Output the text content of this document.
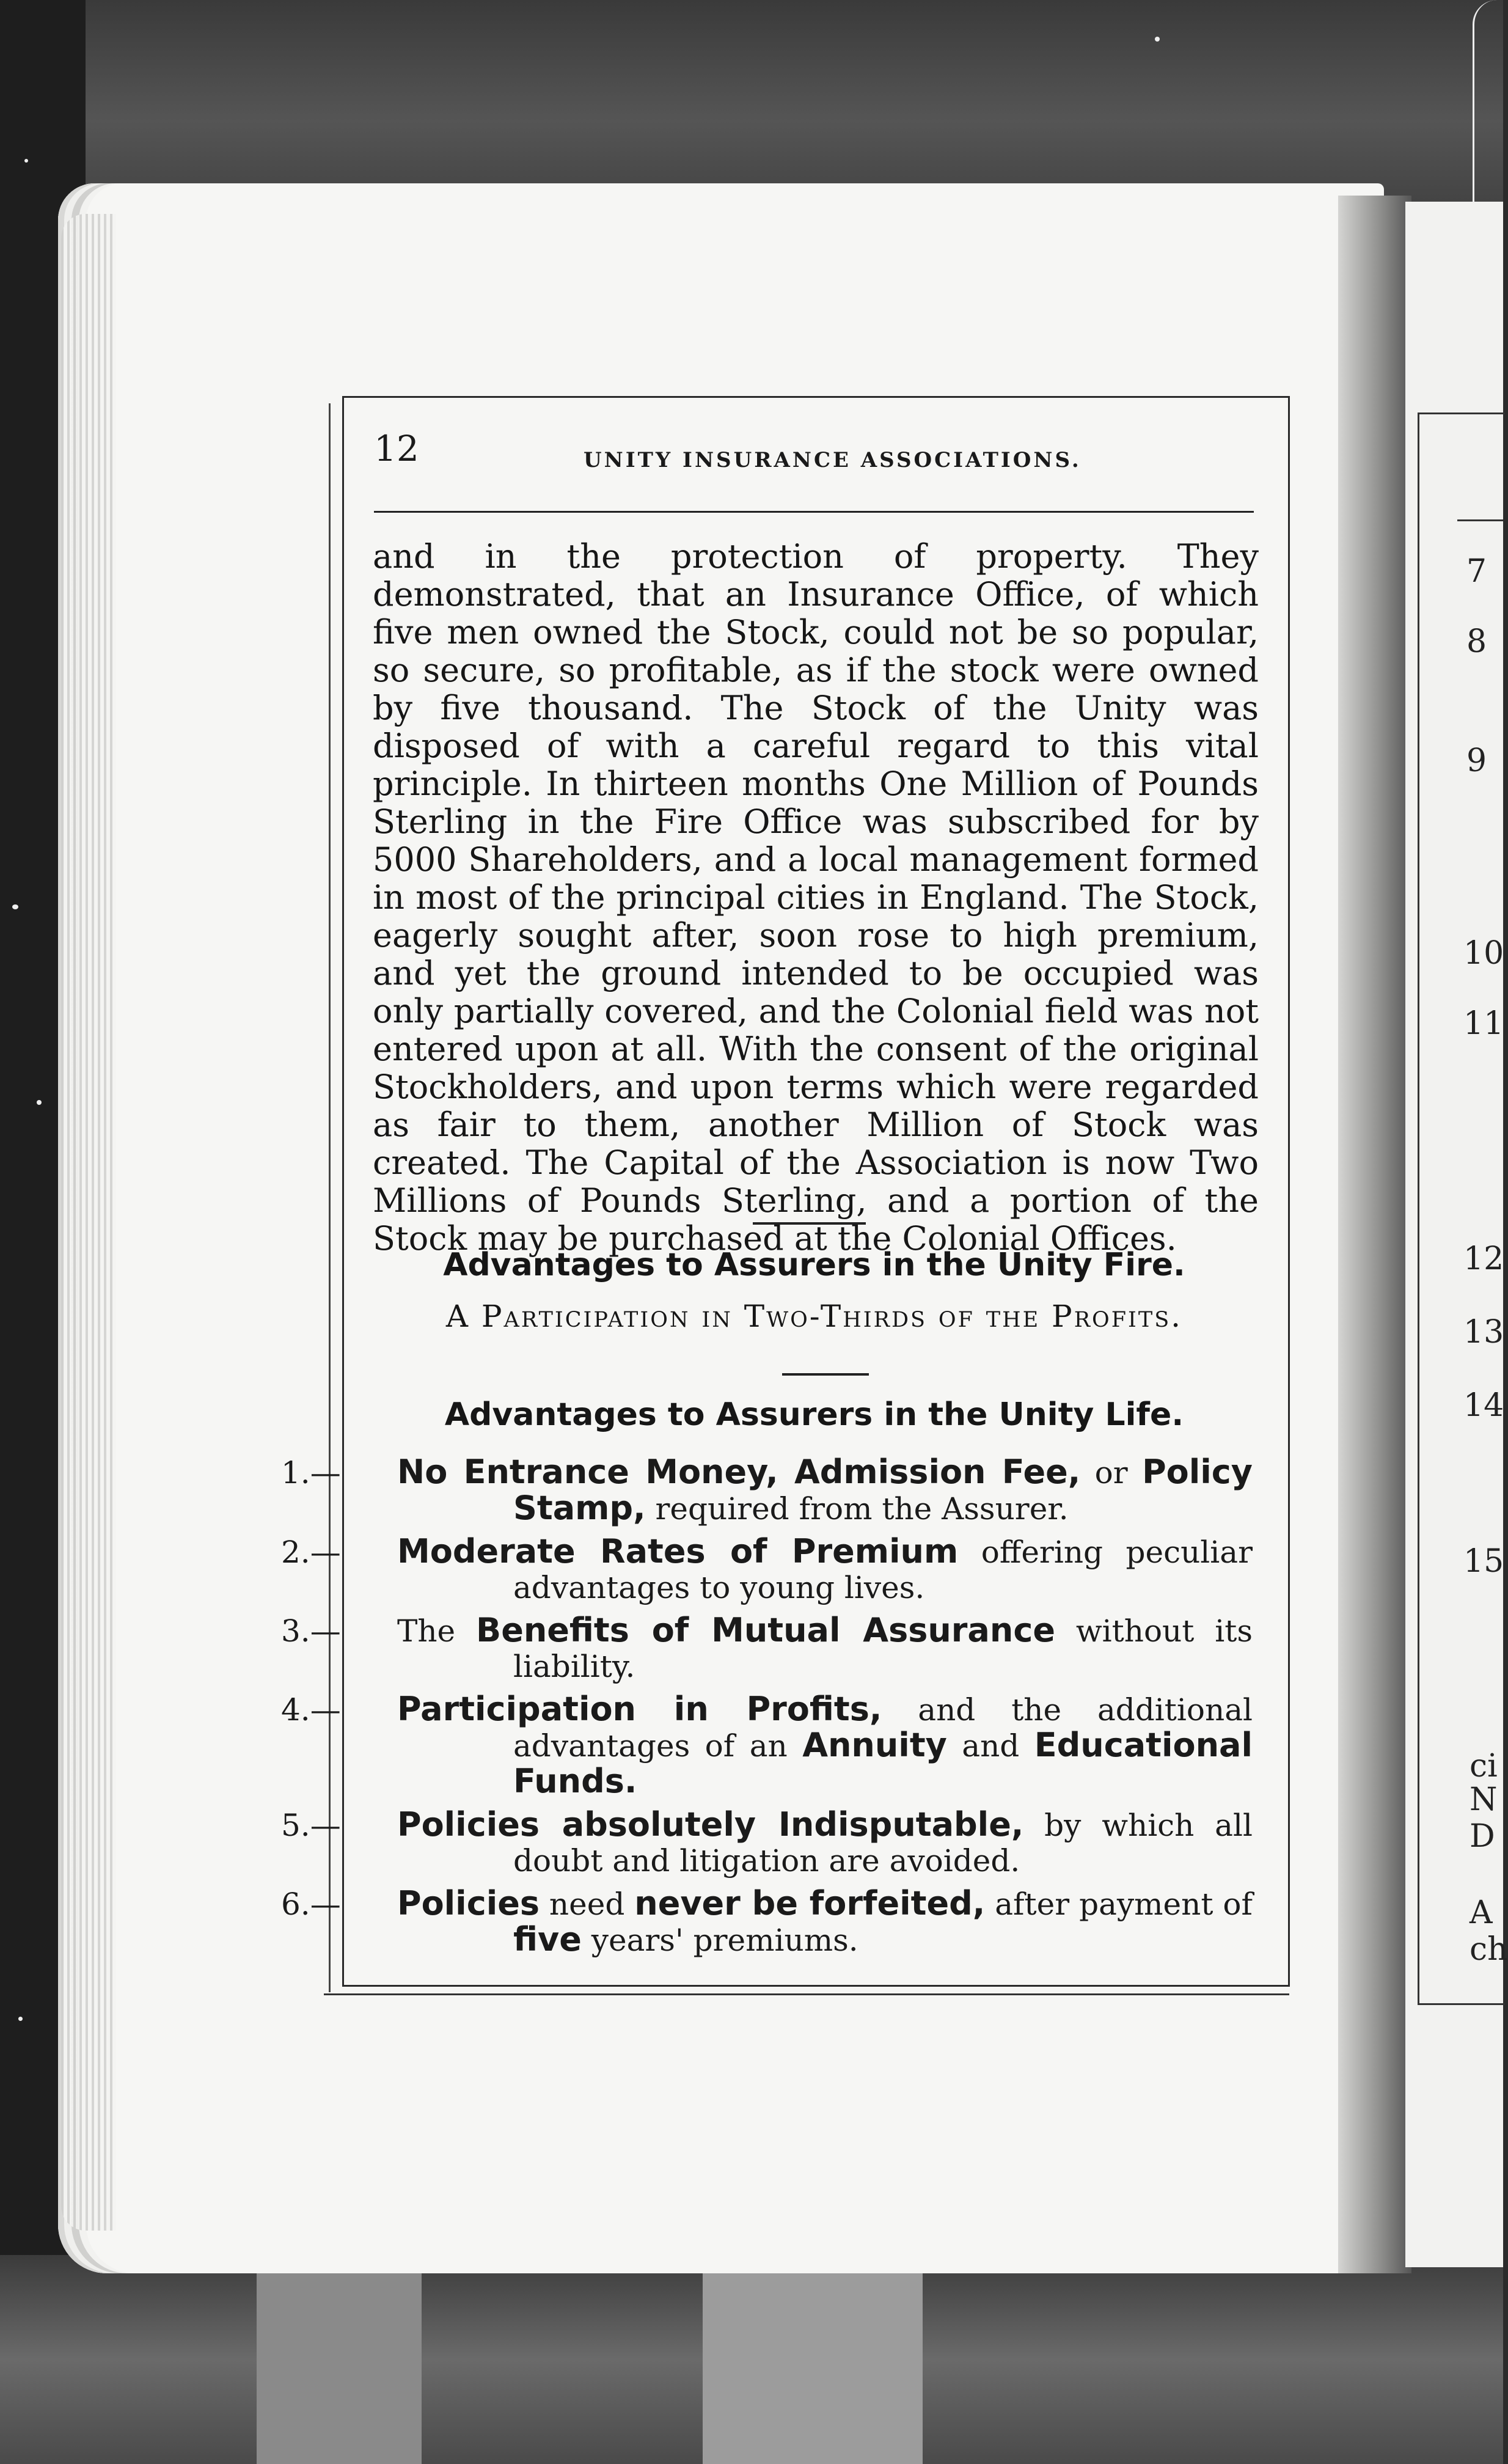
7
8
9
10
11
12
13
14
15
ci
N
D
A
ch
12	UNITY INSURANCE ASSOCIATIONS.
and in the protection of property. They demonstrated, that an Insurance Office, of which five men owned the Stock, could not be so popular, so secure, so profitable, as if the stock were owned by five thousand. The Stock of the Unity was disposed of with a careful regard to this vital principle. In thirteen months One Million of Pounds Sterling in the Fire Office was subscribed for by 5000 Shareholders, and a local management formed in most of the principal cities in England. The Stock, eagerly sought after, soon rose to high premium, and yet the ground intended to be occupied was only partially covered, and the Colonial field was not entered upon at all. With the consent of the original Stockholders, and upon terms which were regarded as fair to them, another Million of Stock was created. The Capital of the Association is now Two Millions of Pounds Sterling, and a portion of the Stock may be purchased at the Colonial Offices.
Advantages to Assurers in the Unity Fire.
A Participation in Two-Thirds of the Profits.
Advantages to Assurers in the Unity Life.
No Entrance Money, Admission Fee, or Policy Stamp, required from the Assurer.
Moderate Rates of Premium offering peculiar advantages to young lives.
The Benefits of Mutual Assurance without its liability.
Participation in Profits, and the additional advantages of an Annuity and Educational Funds.
Policies absolutely Indisputable, by which all doubt and litigation are avoided.
Policies need never be forfeited, after payment of five years' premiums.
